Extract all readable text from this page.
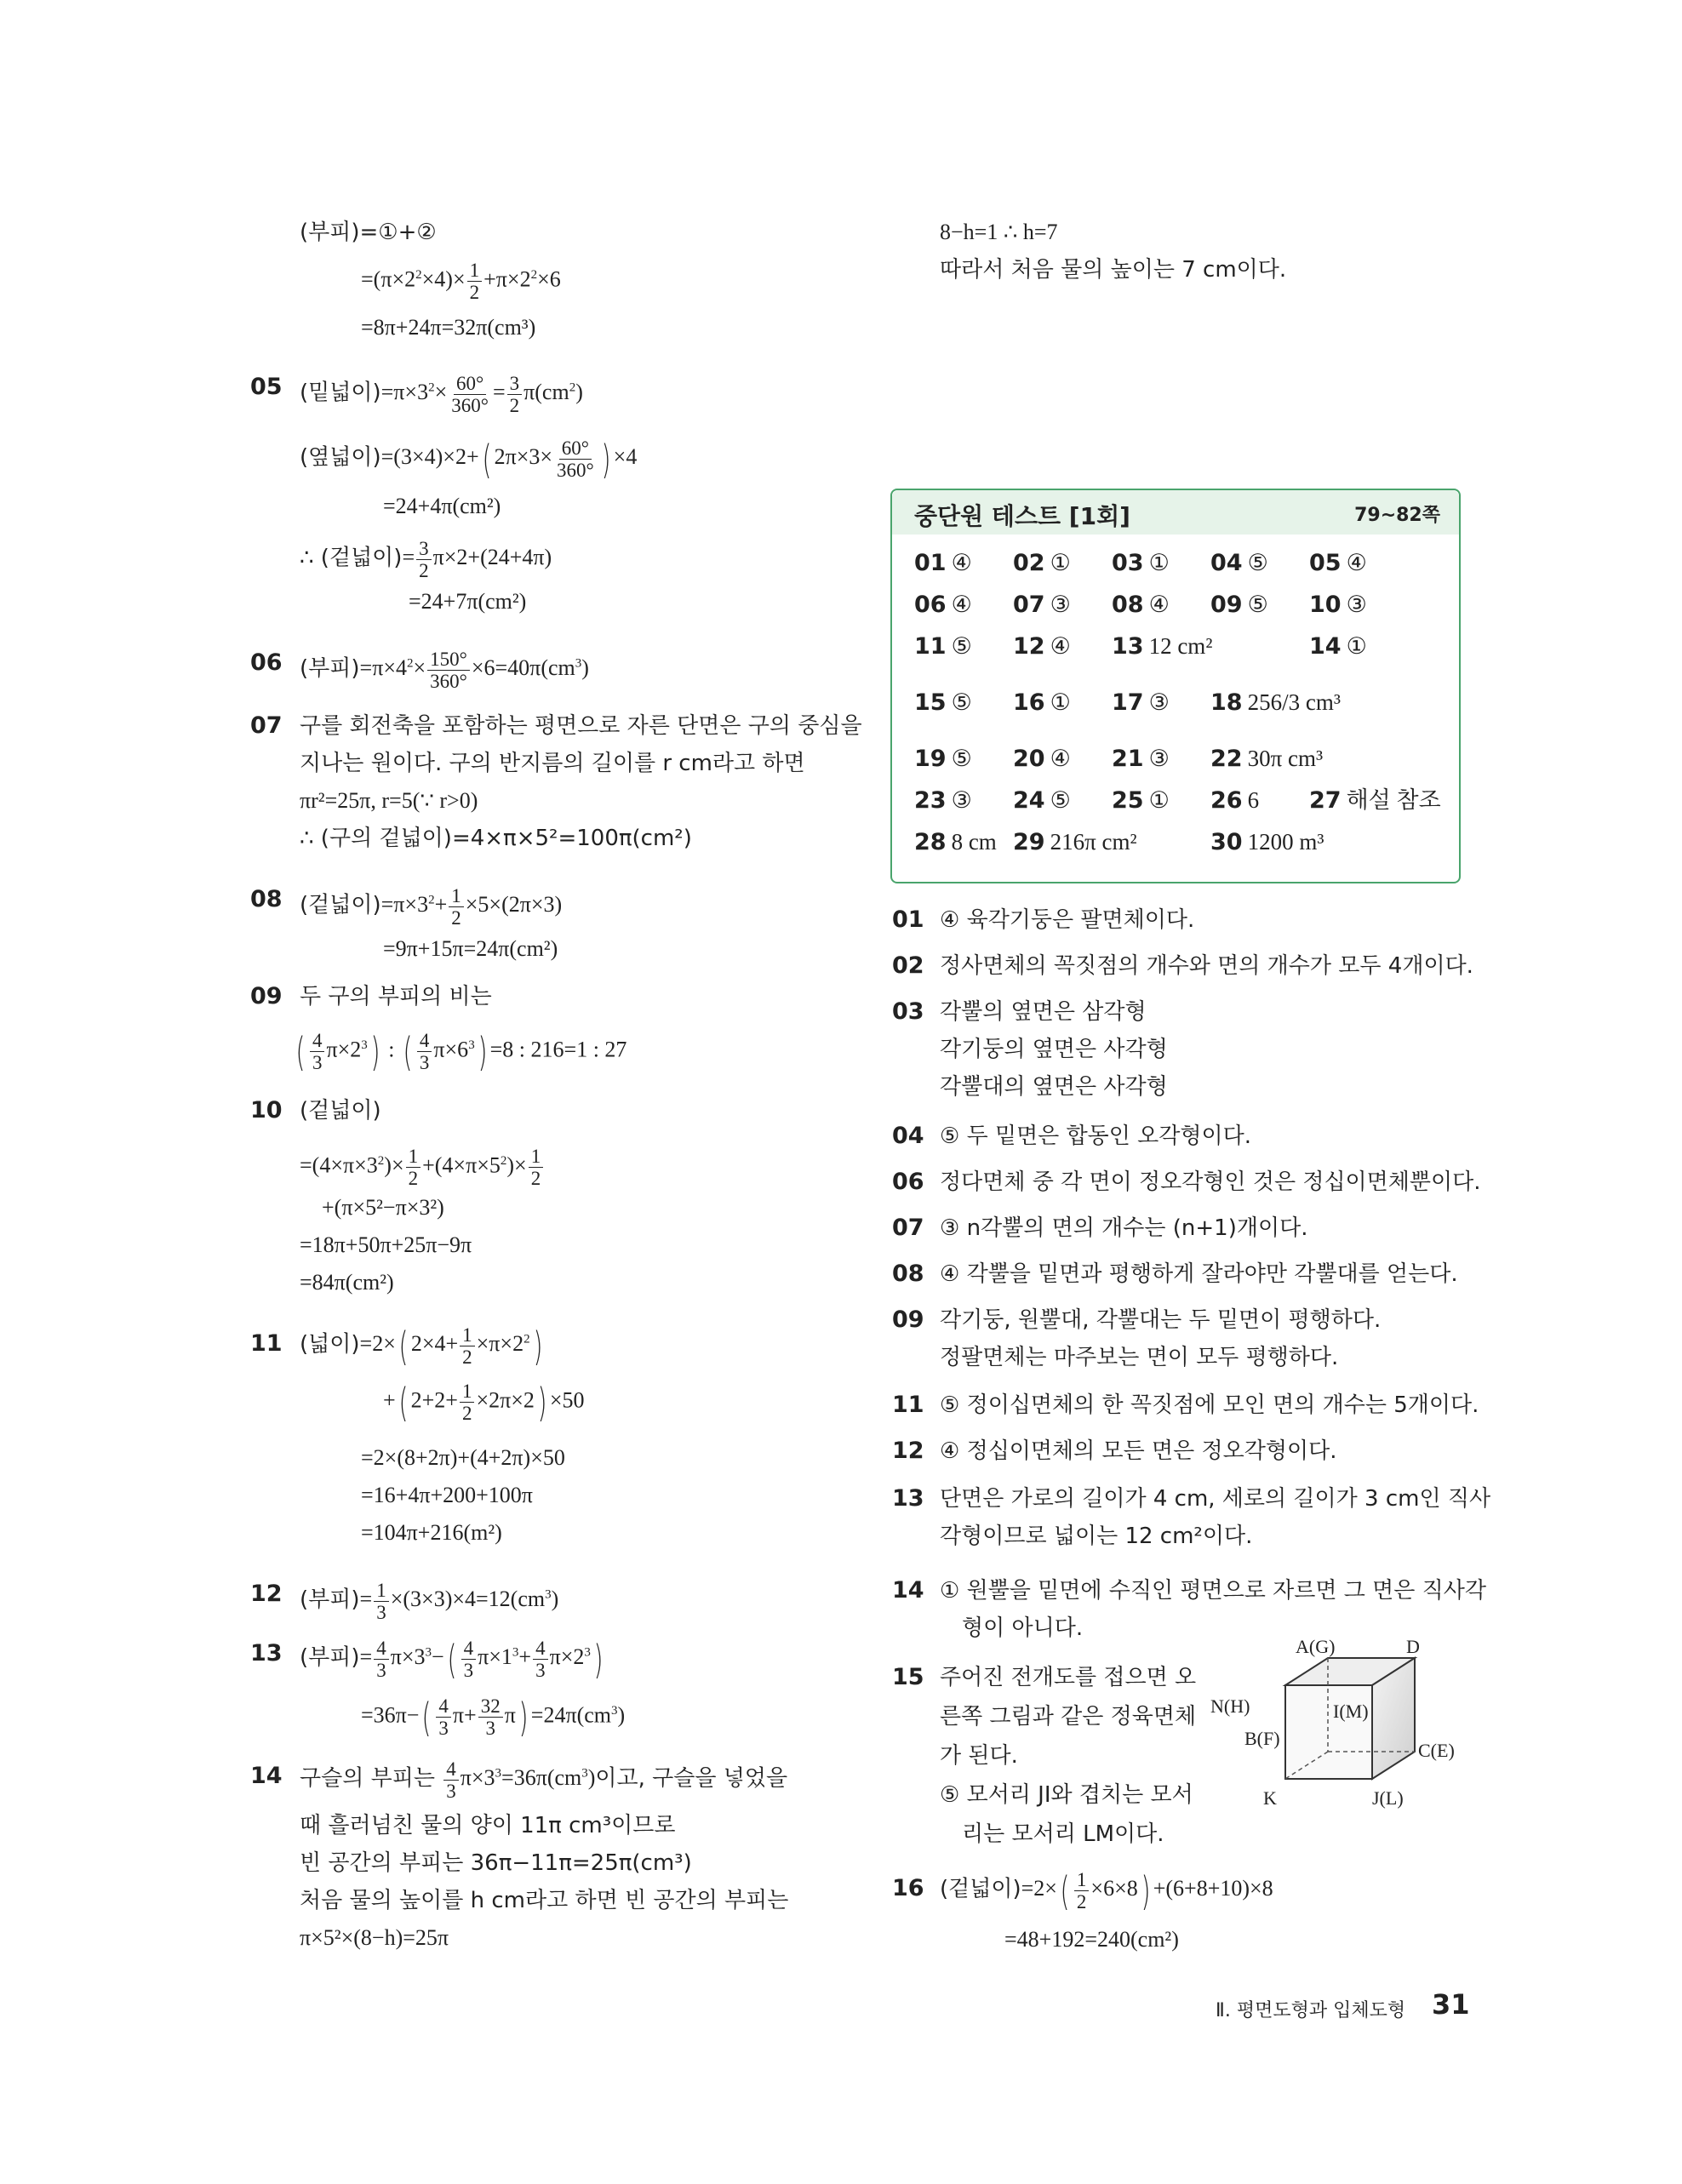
(부피)=①+②
$=(\pi\times 2^2\times 4)\times \frac{1}{2} +\pi\times 2^2\times 6$
=8π+24π=32π(cm³)
05 (밑넓이)$=\pi\times 3^2\times \frac{60^\circ}{360^\circ} = \frac{3}{2} \pi(cm^2)$
(옆넓이)=(3×4)×2+( $2\pi\times 3\times \frac{60^\circ}{360^\circ}$ ) ×4
=24+4π(cm²)
∴ (겉넓이)= $\frac{3}{2} \pi\times 2+(24+4\pi)$
=24+7π(cm²)
06 (부피)$=\pi\times 4^2\times \frac{150^\circ}{360^\circ} \times 6=40\pi(cm^3)$
07 구를 회전축을 포함하는 평면으로 자른 단면은 구의 중심을
지나는 원이다. 구의 반지름의 길이를 r cm라고 하면
πr²=25π, r=5(∵ r>0)
∴ (구의 겉넓이)=4×π×5²=100π(cm²)
08 (겉넓이)$=\pi\times 3^2+ \frac{1}{2} \times 5\times(2\pi\times 3)$
=9π+15π=24π(cm²)
09 두 구의 부피의 비는
( $\frac{4}{3} \pi\times 2^3$) : ( $\frac{4}{3} \pi\times 6^3) =8$ : 216=1 : 27
10 (겉넓이)
$=(4\times\pi\times 3^2)\times \frac{1}{2} +(4\times\pi\times 5^2)\times \frac{1}{2}$
+(π×5²−π×3²)
=18π+50π+25π−9π
=84π(cm²)
11 (넓이)=2×( $2\times 4+ \frac{1}{2} \times\pi\times 2^2$)
+( $2+2+ \frac{1}{2} \times 2\pi\times 2) \times 50$
=2×(8+2π)+(4+2π)×50
=16+4π+200+100π
=104π+216(m²)
12 (부피)= $\frac{1}{3} \times(3\times 3)\times 4=12(cm^3)$
13 (부피)= $\frac{4}{3} \pi\times 3^3-( \frac{4}{3} \pi\times 1^3+ \frac{4}{3} \pi\times 2^3)$
$=36\pi-( \frac{4}{3} \pi+ \frac{32}{3} \pi) =24\pi(cm^3)$
14 구슬의 부피는 $\frac{4}{3} \pi\times 3^3=36\pi(cm^3)$이고, 구슬을 넣었을
때 흘러넘친 물의 양이 11π cm³이므로
빈 공간의 부피는 36π−11π=25π(cm³)
처음 물의 높이를 h cm라고 하면 빈 공간의 부피는
π×5²×(8−h)=25π
8−h=1 ∴ h=7
따라서 처음 물의 높이는 7 cm이다.
중단원 테스트 [1회]	79~82쪽
01 ④ 02 ① 03 ① 04 ⑤ 05 ④
06 ④ 07 ③ 08 ④ 09 ⑤ 10 ③
11 ⑤ 12 ④ 13 12 cm²	14 ①
15 ⑤ 16 ① 17 ③ 18 256/3 cm³
19 ⑤ 20 ④ 21 ③ 22 30π cm³
23 ③ 24 ⑤ 25 ① 26 6 27 해설 참조
28 8 cm 29 216π cm²	30 1200 m³
01 ④ 육각기둥은 팔면체이다.
02 정사면체의 꼭짓점의 개수와 면의 개수가 모두 4개이다.
03 각뿔의 옆면은 삼각형
각기둥의 옆면은 사각형
각뿔대의 옆면은 사각형
04 ⑤ 두 밑면은 합동인 오각형이다.
06 정다면체 중 각 면이 정오각형인 것은 정십이면체뿐이다.
07 ③ n각뿔의 면의 개수는 (n+1)개이다.
08 ④ 각뿔을 밑면과 평행하게 잘라야만 각뿔대를 얻는다.
09 각기둥, 원뿔대, 각뿔대는 두 밑면이 평행하다.
정팔면체는 마주보는 면이 모두 평행하다.
11 ⑤ 정이십면체의 한 꼭짓점에 모인 면의 개수는 5개이다.
12 ④ 정십이면체의 모든 면은 정오각형이다.
13 단면은 가로의 길이가 4 cm, 세로의 길이가 3 cm인 직사
각형이므로 넓이는 12 cm²이다.
14 ① 원뿔을 밑면에 수직인 평면으로 자르면 그 면은 직사각
형이 아니다.
15 주어진 전개도를 접으면 오
른쪽 그림과 같은 정육면체
가 된다.
⑤ 모서리 JI와 겹치는 모서
리는 모서리 LM이다.
A(G)	D
N(H)	I(M)
B(F)
C(E)
K	J(L)
16 (겉넓이)$=2\times( \frac{1}{2} \times 6\times 8) +(6+8+10)\times 8$
=48+192=240(cm²)
Ⅱ. 평면도형과 입체도형 31
